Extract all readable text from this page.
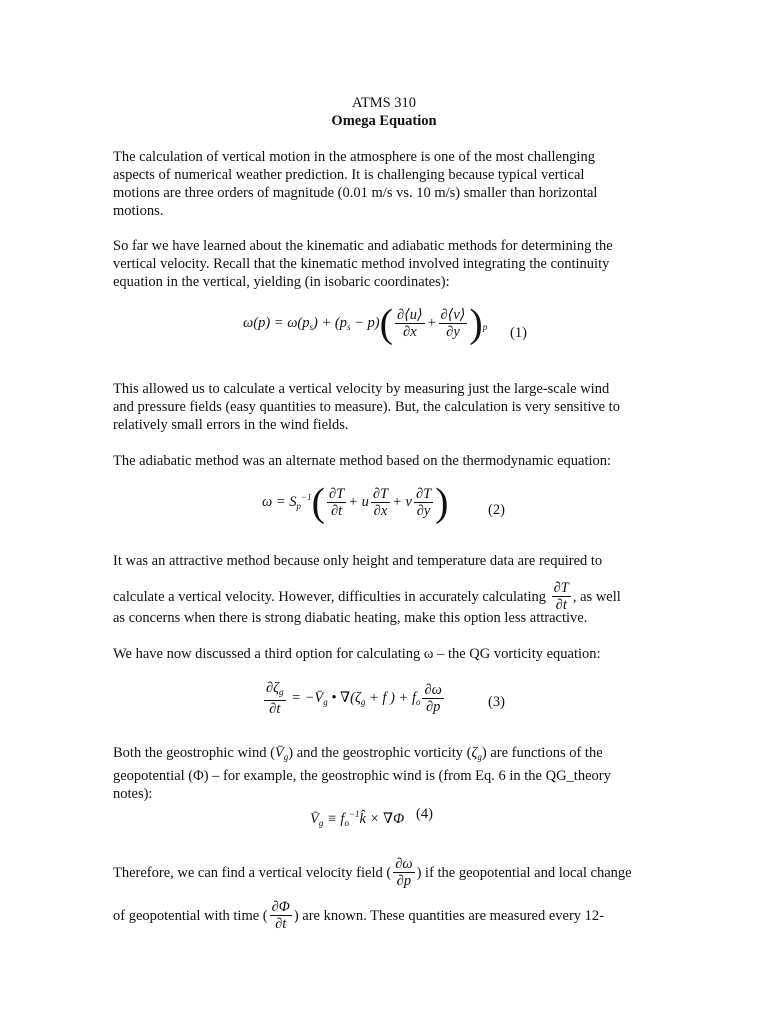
ATMS 310
Omega Equation
The calculation of vertical motion in the atmosphere is one of the most challenging aspects of numerical weather prediction. It is challenging because typical vertical motions are three orders of magnitude (0.01 m/s vs. 10 m/s) smaller than horizontal motions.
So far we have learned about the kinematic and adiabatic methods for determining the vertical velocity. Recall that the kinematic method involved integrating the continuity equation in the vertical, yielding (in isobaric coordinates):
$\omega(p) = \omega(p_s) + (p_s - p)( \frac{\partial⟨u⟩}{\partial x} + \frac{\partial⟨v⟩}{\partial y} )_p$ (1)
This allowed us to calculate a vertical velocity by measuring just the large-scale wind and pressure fields (easy quantities to measure). But, the calculation is very sensitive to relatively small errors in the wind fields.
The adiabatic method was an alternate method based on the thermodynamic equation:
$\omega = S_p^{-1}( \frac{\partial T}{\partial t} + u \frac{\partial T}{\partial x} + v \frac{\partial T}{\partial y}$ )	(2)
It was an attractive method because only height and temperature data are required to
calculate a vertical velocity. However, difficulties in accurately calculating $\frac{\partial T}{\partial t}$ , as well
as concerns when there is strong diabatic heating, make this option less attractive.
We have now discussed a third option for calculating ω – the QG vorticity equation:
$\frac{\partial\zeta_g}{\partial t}$ = $-V̄_g$ • $\nabla(\zeta_g + f$ ) + $f_o \frac{\partial\omega}{\partial p}$	(3)
Both the geostrophic wind $(V̄_g)$ and the geostrophic vorticity $(\zeta_g)$ are functions of the
geopotential (Φ) – for example, the geostrophic wind is (from Eq. 6 in the QG_theory notes):
$V̄_g$ ≡ $f_o^{-1}k̂ \times \nabla\Phi$ (4)
Therefore, we can find a vertical velocity field ( $\frac{\partial\omega}{\partial p}$ ) if the geopotential and local change
of geopotential with time ( $\frac{\partial\Phi}{\partial t}$ ) are known. These quantities are measured every 12-
